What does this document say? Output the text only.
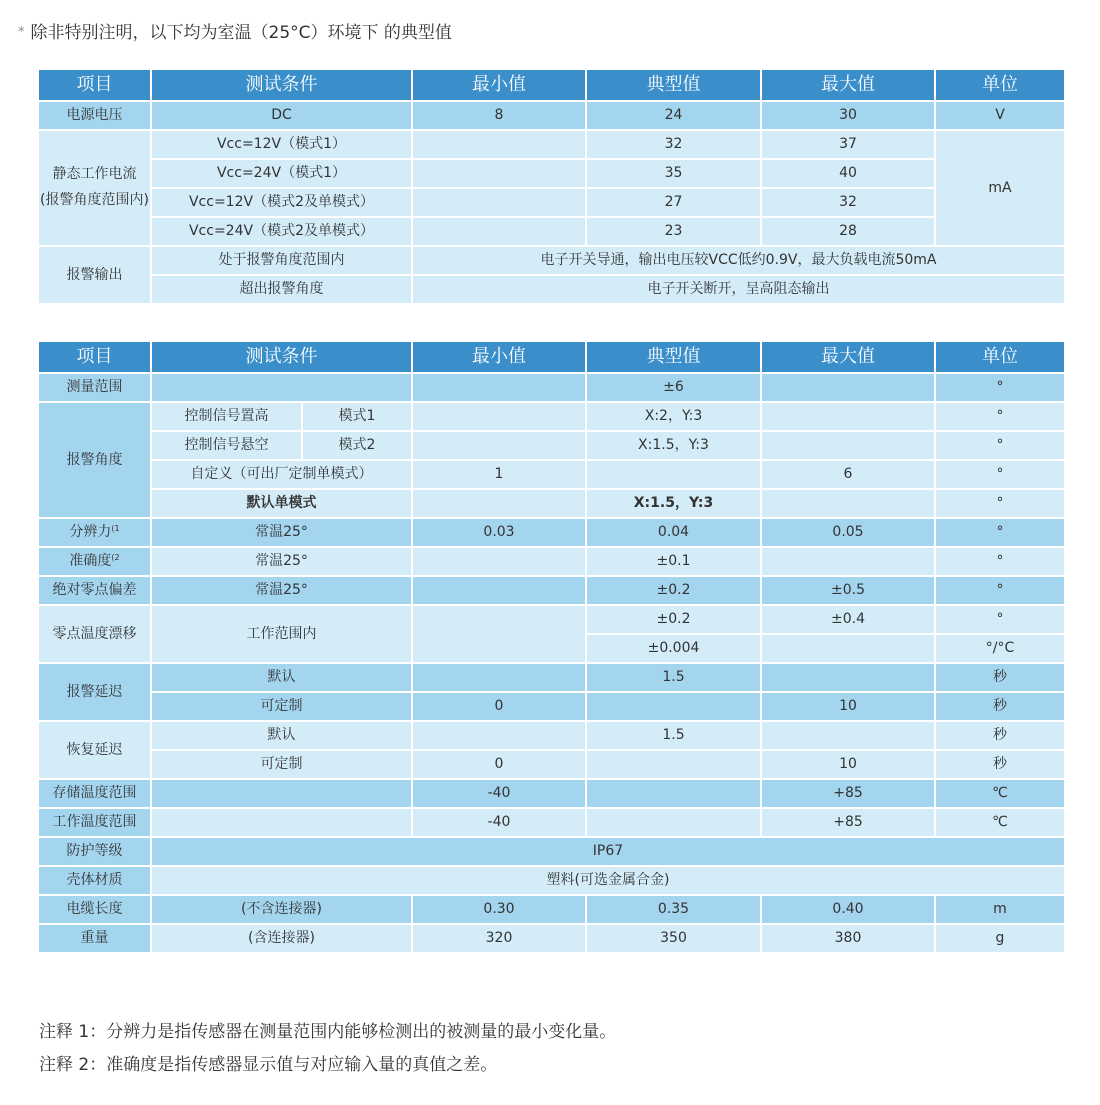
* 除非特别注明，以下均为室温（25°C）环境下 的典型值
项目	测试条件	最小值	典型值	最大值	单位
电源电压	DC	8	24	30	V
静态工作电流
(报警角度范围内)	Vcc=12V（模式1）		32	37	mA
	Vcc=24V（模式1）		35	40	
	Vcc=12V（模式2及单模式）		27	32	
	Vcc=24V（模式2及单模式）		23	28	
报警输出	处于报警角度范围内	电子开关导通，输出电压较VCC低约0.9V，最大负载电流50mA			
	超出报警角度	电子开关断开，呈高阻态输出			
项目	测试条件		最小值	典型值	最大值	单位
测量范围				±6		°
报警角度	控制信号置高	模式1		X:2，Y:3		°
	控制信号悬空	模式2		X:1.5，Y:3		°
	自定义（可出厂定制单模式）		1		6	°
	默认单模式			X:1.5，Y:3		°
分辨力$^{(1}$	常温25°		0.03	0.04	0.05	°
准确度$^{(2}$	常温25°			±0.1		°
绝对零点偏差	常温25°			±0.2	±0.5	°
零点温度漂移	工作范围内			±0.2	±0.4	°
				±0.004		°/°C
报警延迟	默认			1.5		秒
	可定制		0		10	秒
恢复延迟	默认			1.5		秒
	可定制		0		10	秒
存储温度范围			-40		+85	℃
工作温度范围			-40		+85	℃
防护等级	IP67					
壳体材质	塑料(可选金属合金)					
电缆长度	(不含连接器)		0.30	0.35	0.40	m
重量	(含连接器)		320	350	380	g
注释 1：分辨力是指传感器在测量范围内能够检测出的被测量的最小变化量。
注释 2：准确度是指传感器显示值与对应输入量的真值之差。
